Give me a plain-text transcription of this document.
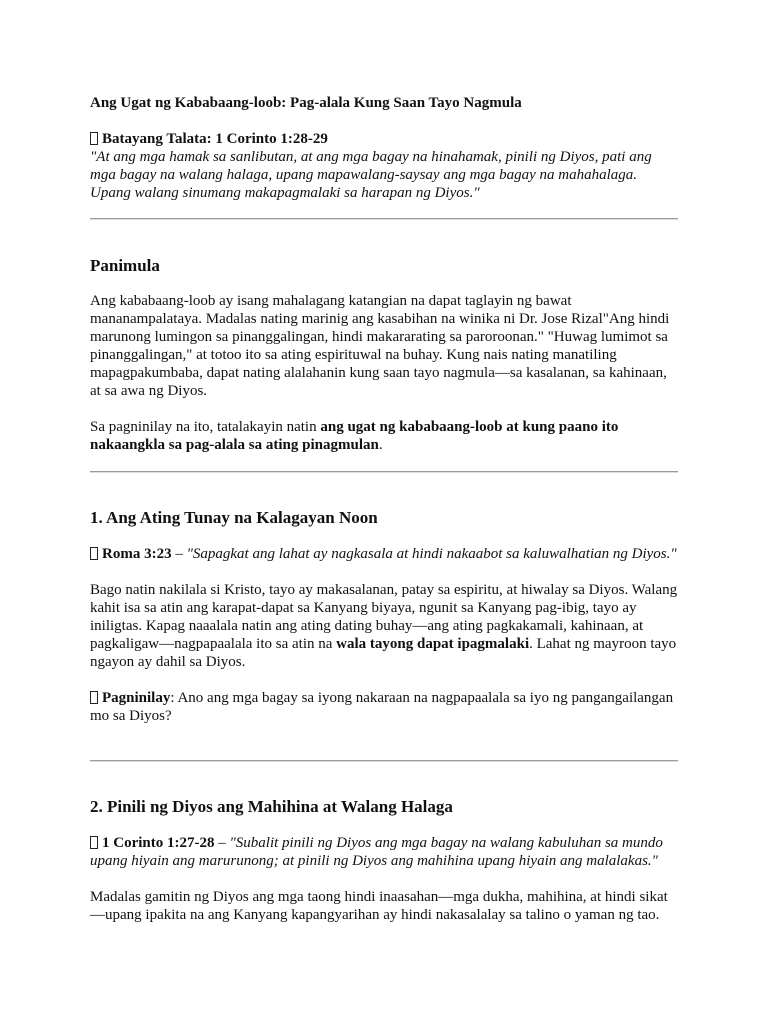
Ang Ugat ng Kababaang-loob: Pag-alala Kung Saan Tayo Nagmula

Batayang Talata: 1 Corinto 1:28-29

"At ang mga hamak sa sanlibutan, at ang mga bagay na hinahamak, pinili ng Diyos, pati ang mga bagay na walang halaga, upang mapawalang-saysay ang mga bagay na mahahalaga. Upang walang sinumang makapagmalaki sa harapan ng Diyos."

Panimula

Ang kababaang-loob ay isang mahalagang katangian na dapat taglayin ng bawat mananampalataya. Madalas nating marinig ang kasabihan na winika ni Dr. Jose Rizal"Ang hindi marunong lumingon sa pinanggalingan, hindi makararating sa paroroonan." "Huwag lumimot sa pinanggalingan," at totoo ito sa ating espirituwal na buhay. Kung nais nating manatiling mapagpakumbaba, dapat nating alalahanin kung saan tayo nagmula—sa kasalanan, sa kahinaan, at sa awa ng Diyos.

Sa pagninilay na ito, tatalakayin natin ang ugat ng kababaang-loob at kung paano ito nakaangkla sa pag-alala sa ating pinagmulan.

1. Ang Ating Tunay na Kalagayan Noon

Roma 3:23 – "Sapagkat ang lahat ay nagkasala at hindi nakaabot sa kaluwalhatian ng Diyos."

Bago natin nakilala si Kristo, tayo ay makasalanan, patay sa espiritu, at hiwalay sa Diyos. Walang kahit isa sa atin ang karapat-dapat sa Kanyang biyaya, ngunit sa Kanyang pag-ibig, tayo ay iniligtas. Kapag naaalala natin ang ating dating buhay—ang ating pagkakamali, kahinaan, at pagkaligaw—nagpapaalala ito sa atin na wala tayong dapat ipagmalaki. Lahat ng mayroon tayo ngayon ay dahil sa Diyos.

Pagninilay: Ano ang mga bagay sa iyong nakaraan na nagpapaalala sa iyo ng pangangailangan mo sa Diyos?

2. Pinili ng Diyos ang Mahihina at Walang Halaga

1 Corinto 1:27-28 – "Subalit pinili ng Diyos ang mga bagay na walang kabuluhan sa mundo upang hiyain ang marurunong; at pinili ng Diyos ang mahihina upang hiyain ang malalakas."

Madalas gamitin ng Diyos ang mga taong hindi inaasahan—mga dukha, mahihina, at hindi sikat —upang ipakita na ang Kanyang kapangyarihan ay hindi nakasalalay sa talino o yaman ng tao.
